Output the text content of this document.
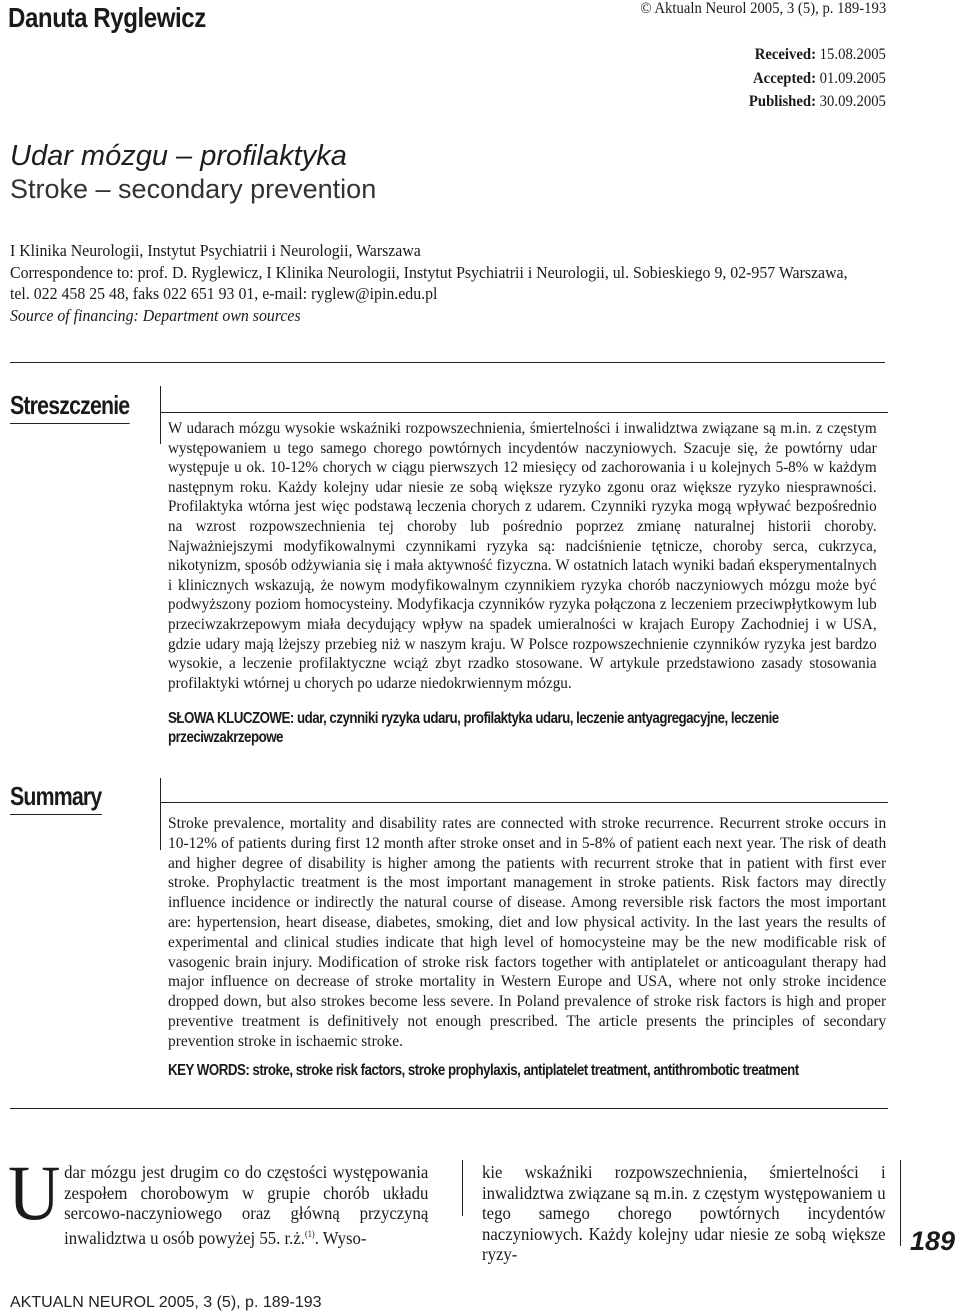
Danuta Ryglewicz	© Aktualn Neurol 2005, 3 (5), p. 189-193
Received: 15.08.2005
Accepted: 01.09.2005
Published: 30.09.2005
Udar mózgu – profilaktyka
Stroke – secondary prevention
I Klinika Neurologii, Instytut Psychiatrii i Neurologii, Warszawa
Correspondence to: prof. D. Ryglewicz, I Klinika Neurologii, Instytut Psychiatrii i Neurologii, ul. Sobieskiego 9, 02-957 Warszawa,
tel. 022 458 25 48, faks 022 651 93 01, e-mail: ryglew@ipin.edu.pl
Source of financing: Department own sources
Streszczenie
W udarach mózgu wysokie wskaźniki rozpowszechnienia, śmiertelności i inwalidztwa związane są m.in. z częstym występowaniem u tego samego chorego powtórnych incydentów naczyniowych. Szacuje się, że powtórny udar występuje u ok. 10-12% chorych w ciągu pierwszych 12 miesięcy od zachorowania i u kolejnych 5-8% w każdym następnym roku. Każdy kolejny udar niesie ze sobą większe ryzyko zgonu oraz większe ryzyko niesprawności. Profilaktyka wtórna jest więc podstawą leczenia chorych z udarem. Czynniki ryzyka mogą wpływać bezpośrednio na wzrost rozpowszechnienia tej choroby lub pośrednio poprzez zmianę naturalnej historii choroby. Najważniejszymi modyfikowalnymi czynnikami ryzyka są: nadciśnienie tętnicze, choroby serca, cukrzyca, nikotynizm, sposób odżywiania się i mała aktywność fizyczna. W ostatnich latach wyniki badań eksperymentalnych i klinicznych wskazują, że nowym modyfikowalnym czynnikiem ryzyka chorób naczyniowych mózgu może być podwyższony poziom homocysteiny. Modyfikacja czynników ryzyka połączona z leczeniem przeciwpłytkowym lub przeciwzakrzepowym miała decydujący wpływ na spadek umieralności w krajach Europy Zachodniej i w USA, gdzie udary mają lżejszy przebieg niż w naszym kraju. W Polsce rozpowszechnienie czynników ryzyka jest bardzo wysokie, a leczenie profilaktyczne wciąż zbyt rzadko stosowane. W artykule przedstawiono zasady stosowania profilaktyki wtórnej u chorych po udarze niedokrwiennym mózgu.
SŁOWA KLUCZOWE: udar, czynniki ryzyka udaru, profilaktyka udaru, leczenie antyagregacyjne, leczenie przeciwzakrzepowe
Summary
Stroke prevalence, mortality and disability rates are connected with stroke recurrence. Recurrent stroke occurs in 10-12% of patients during first 12 month after stroke onset and in 5-8% of patient each next year. The risk of death and higher degree of disability is higher among the patients with recurrent stroke that in patient with first ever stroke. Prophylactic treatment is the most important management in stroke patients. Risk factors may directly influence incidence or indirectly the natural course of disease. Among reversible risk factors the most important are: hypertension, heart disease, diabetes, smoking, diet and low physical activity. In the last years the results of experimental and clinical studies indicate that high level of homocysteine may be the new modificable risk of vasogenic brain injury. Modification of stroke risk factors together with antiplatelet or anticoagulant therapy had major influence on decrease of stroke mortality in Western Europe and USA, where not only stroke incidence dropped down, but also strokes become less severe. In Poland prevalence of stroke risk factors is high and proper preventive treatment is definitively not enough prescribed. The article presents the principles of secondary prevention stroke in ischaemic stroke.
KEY WORDS: stroke, stroke risk factors, stroke prophylaxis, antiplatelet treatment, antithrombotic treatment
Udar mózgu jest drugim co do częstości występowania zespołem chorobowym w grupie chorób układu sercowo-naczyniowego oraz główną przyczyną inwalidztwa u osób powyżej 55. r.ż.$^{(1)}$. Wyso-
kie wskaźniki rozpowszechnienia, śmiertelności i inwalidztwa związane są m.in. z częstym występowaniem u tego samego chorego powtórnych incydentów naczyniowych. Każdy kolejny udar niesie ze sobą większe ryzy-	189
AKTUALN NEUROL 2005, 3 (5), p. 189-193
